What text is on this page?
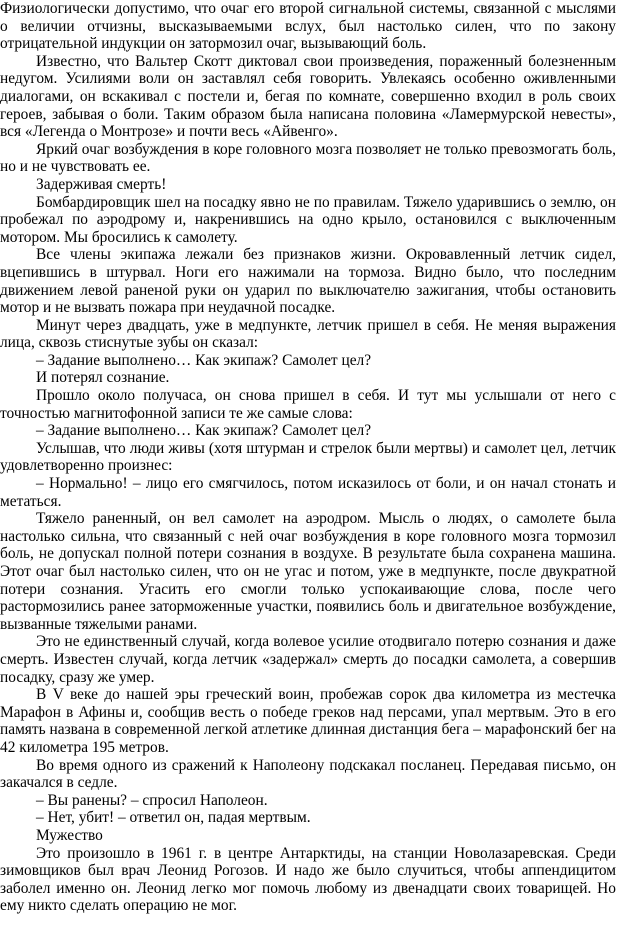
Физиологически допустимо, что очаг его второй сигнальной системы, связанной с мыслями о величии отчизны, высказываемыми вслух, был настолько силен, что по закону отрицательной индукции он затормозил очаг, вызывающий боль.

Известно, что Вальтер Скотт диктовал свои произведения, пораженный болезненным недугом. Усилиями воли он заставлял себя говорить. Увлекаясь особенно оживленными диалогами, он вскакивал с постели и, бегая по комнате, совершенно входил в роль своих героев, забывая о боли. Таким образом была написана половина «Ламермурской невесты», вся «Легенда о Монтрозе» и почти весь «Айвенго».

Яркий очаг возбуждения в коре головного мозга позволяет не только превозмогать боль, но и не чувствовать ее.

Задерживая смерть!

Бомбардировщик шел на посадку явно не по правилам. Тяжело ударившись о землю, он пробежал по аэродрому и, накренившись на одно крыло, остановился с выключенным мотором. Мы бросились к самолету.

Все члены экипажа лежали без признаков жизни. Окровавленный летчик сидел, вцепившись в штурвал. Ноги его нажимали на тормоза. Видно было, что последним движением левой раненой руки он ударил по выключателю зажигания, чтобы остановить мотор и не вызвать пожара при неудачной посадке.

Минут через двадцать, уже в медпункте, летчик пришел в себя. Не меняя выражения лица, сквозь стиснутые зубы он сказал:

– Задание выполнено… Как экипаж? Самолет цел?

И потерял сознание.

Прошло около получаса, он снова пришел в себя. И тут мы услышали от него с точностью магнитофонной записи те же самые слова:

– Задание выполнено… Как экипаж? Самолет цел?

Услышав, что люди живы (хотя штурман и стрелок были мертвы) и самолет цел, летчик удовлетворенно произнес:

– Нормально! – лицо его смягчилось, потом исказилось от боли, и он начал стонать и метаться.

Тяжело раненный, он вел самолет на аэродром. Мысль о людях, о самолете была настолько сильна, что связанный с ней очаг возбуждения в коре головного мозга тормозил боль, не допускал полной потери сознания в воздухе. В результате была сохранена машина. Этот очаг был настолько силен, что он не угас и потом, уже в медпункте, после двукратной потери сознания. Угасить его смогли только успокаивающие слова, после чего растормозились ранее заторможенные участки, появились боль и двигательное возбуждение, вызванные тяжелыми ранами.

Это не единственный случай, когда волевое усилие отодвигало потерю сознания и даже смерть. Известен случай, когда летчик «задержал» смерть до посадки самолета, а совершив посадку, сразу же умер.

В V веке до нашей эры греческий воин, пробежав сорок два километра из местечка Марафон в Афины и, сообщив весть о победе греков над персами, упал мертвым. Это в его память названа в современной легкой атлетике длинная дистанция бега – марафонский бег на 42 километра 195 метров.

Во время одного из сражений к Наполеону подскакал посланец. Передавая письмо, он закачался в седле.

– Вы ранены? – спросил Наполеон.

– Нет, убит! – ответил он, падая мертвым.

Мужество

Это произошло в 1961 г. в центре Антарктиды, на станции Новолазаревская. Среди зимовщиков был врач Леонид Рогозов. И надо же было случиться, чтобы аппендицитом заболел именно он. Леонид легко мог помочь любому из двенадцати своих товарищей. Но ему никто сделать операцию не мог.
